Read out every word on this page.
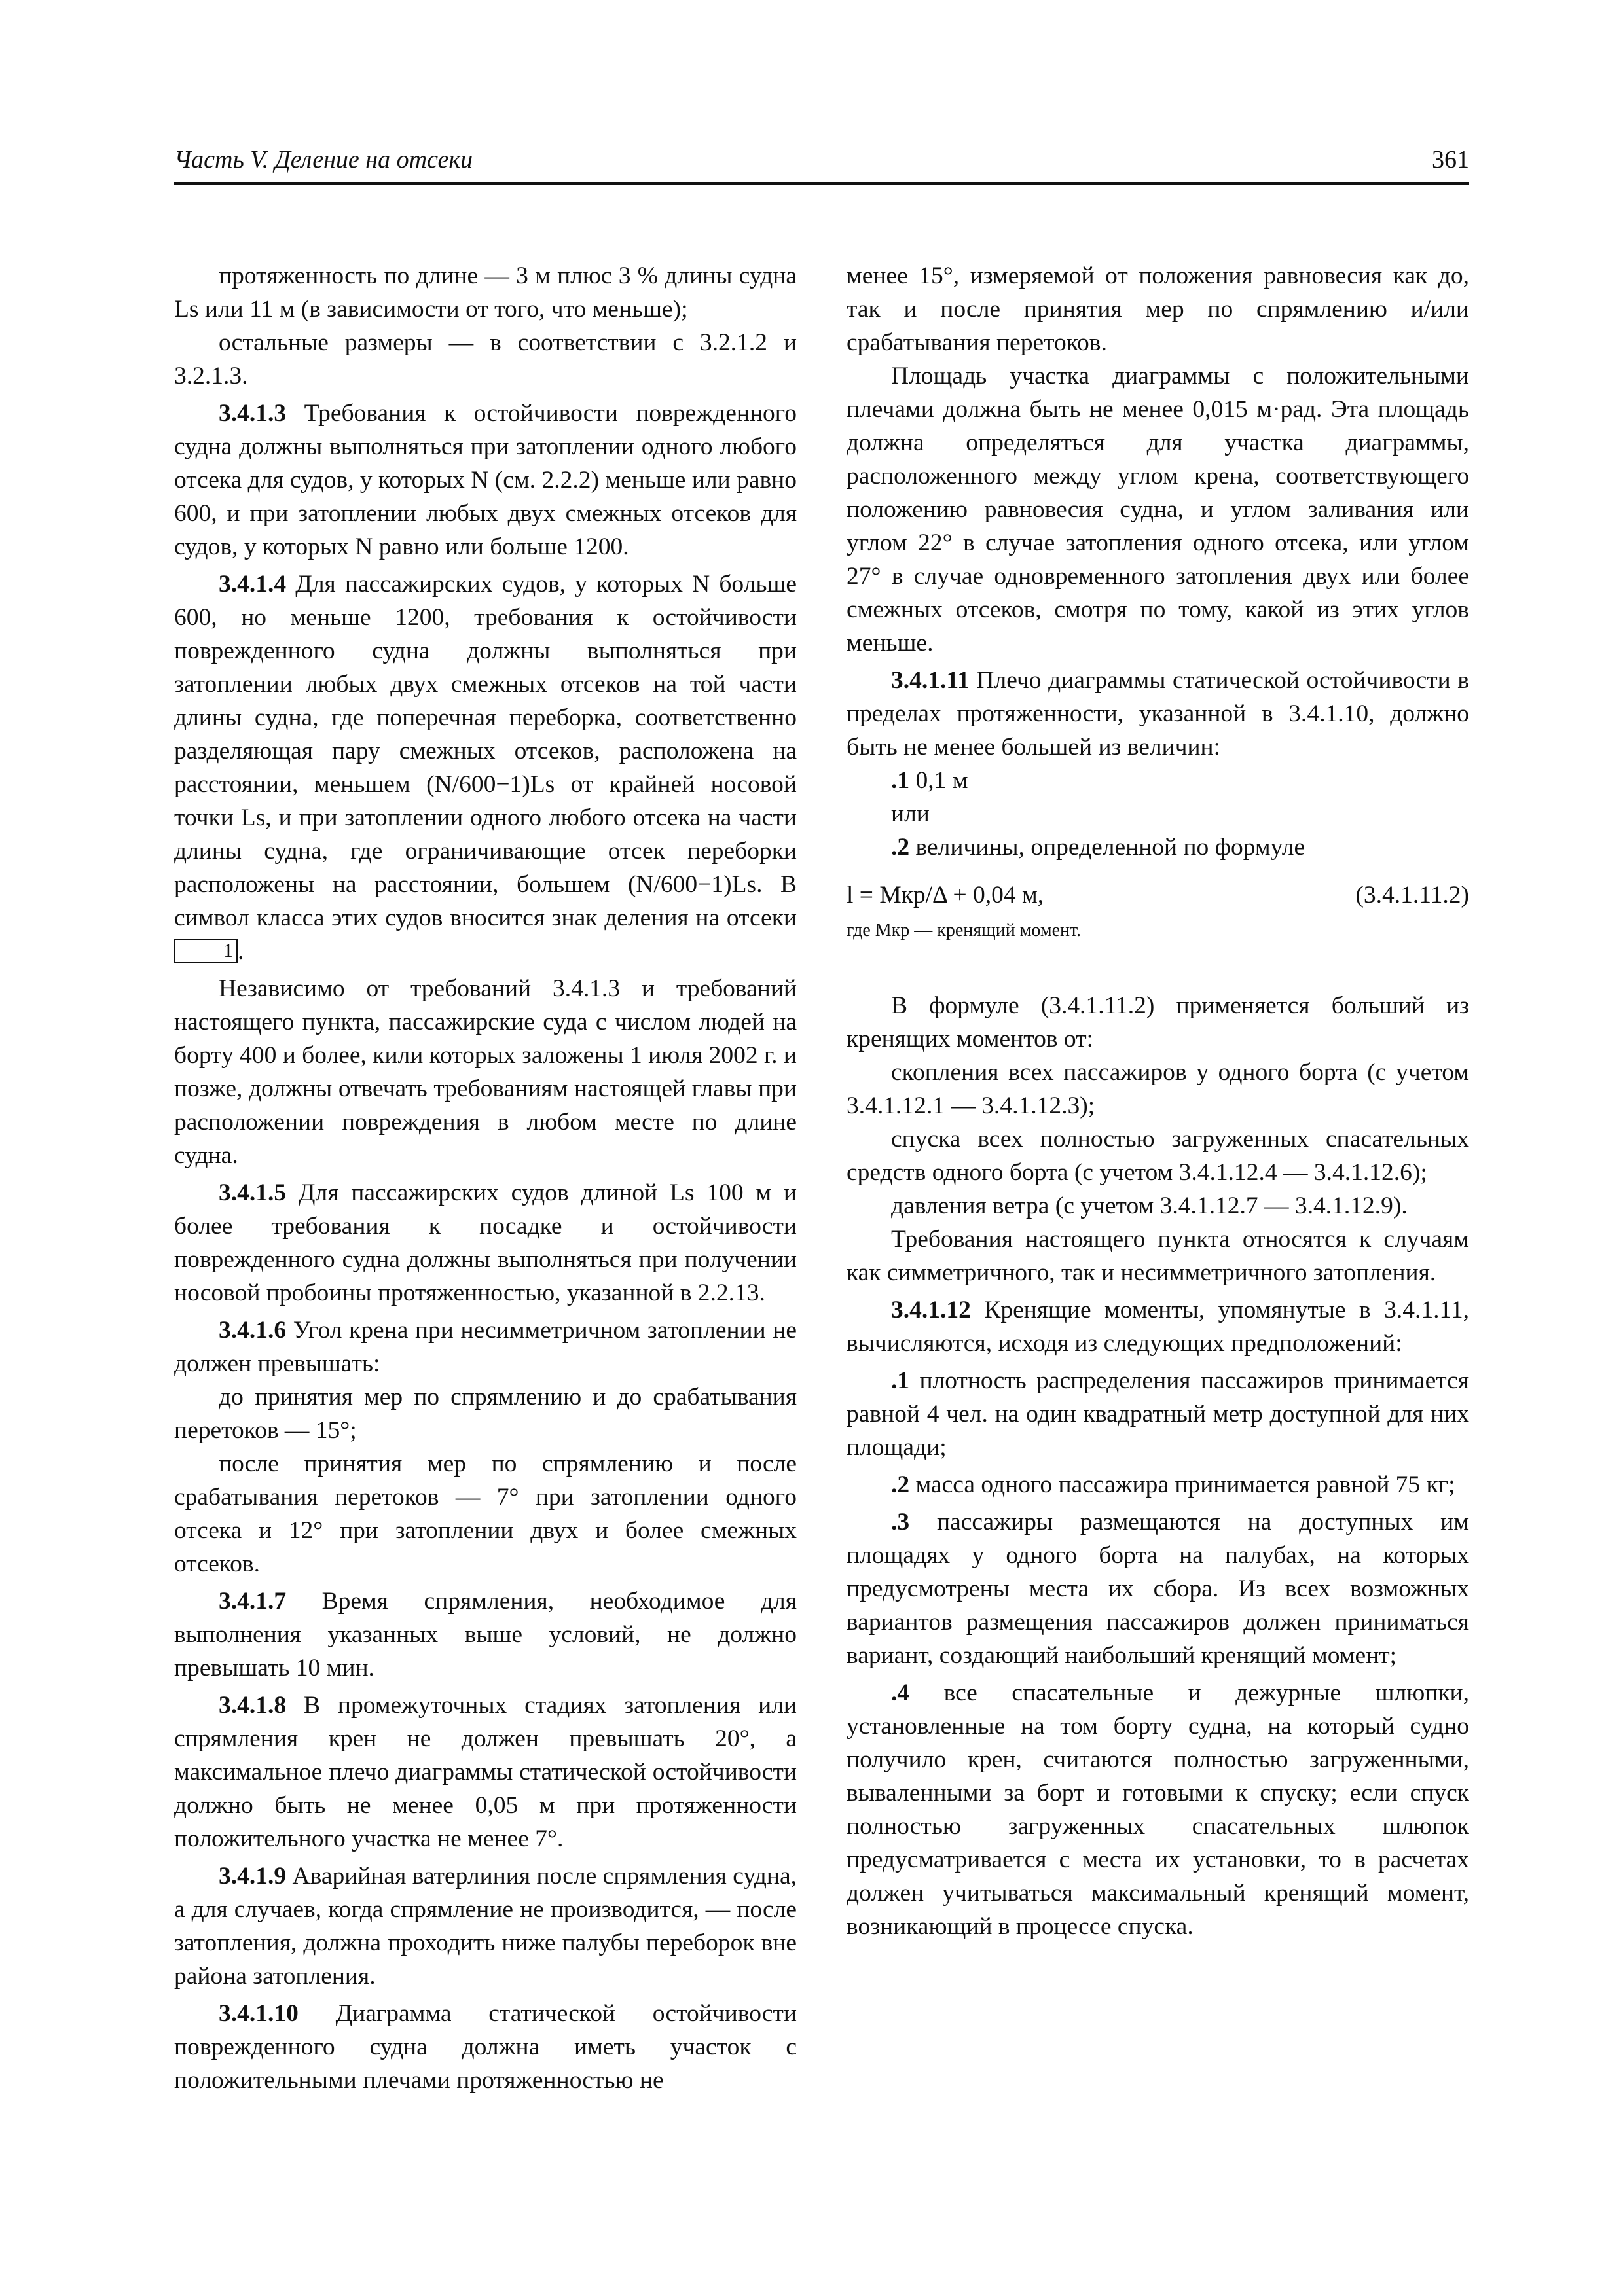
Часть V. Деление на отсеки	361

протяженность по длине — 3 м плюс 3 % длины судна Ls или 11 м (в зависимости от того, что меньше);

остальные размеры — в соответствии с 3.2.1.2 и 3.2.1.3.

3.4.1.3 Требования к остойчивости поврежденного судна должны выполняться при затоплении одного любого отсека для судов, у которых N (см. 2.2.2) меньше или равно 600, и при затоплении любых двух смежных отсеков для судов, у которых N равно или больше 1200.

3.4.1.4 Для пассажирских судов, у которых N больше 600, но меньше 1200, требования к остойчивости поврежденного судна должны выполняться при затоплении любых двух смежных отсеков на той части длины судна, где поперечная переборка, соответственно разделяющая пару смежных отсеков, расположена на расстоянии, меньшем (N/600−1)Ls от крайней носовой точки Ls, и при затоплении одного любого отсека на части длины судна, где ограничивающие отсек переборки расположены на расстоянии, большем (N/600−1)Ls. В символ класса этих судов вносится знак деления на отсеки 1 .

Независимо от требований 3.4.1.3 и требований настоящего пункта, пассажирские суда с числом людей на борту 400 и более, кили которых заложены 1 июля 2002 г. и позже, должны отвечать требованиям настоящей главы при расположении повреждения в любом месте по длине судна.

3.4.1.5 Для пассажирских судов длиной Ls 100 м и более требования к посадке и остойчивости поврежденного судна должны выполняться при получении носовой пробоины протяженностью, указанной в 2.2.13.

3.4.1.6 Угол крена при несимметричном затоплении не должен превышать:

до принятия мер по спрямлению и до срабатывания перетоков — 15°;

после принятия мер по спрямлению и после срабатывания перетоков — 7° при затоплении одного отсека и 12° при затоплении двух и более смежных отсеков.

3.4.1.7 Время спрямления, необходимое для выполнения указанных выше условий, не должно превышать 10 мин.

3.4.1.8 В промежуточных стадиях затопления или спрямления крен не должен превышать 20°, а максимальное плечо диаграммы статической остойчивости должно быть не менее 0,05 м при протяженности положительного участка не менее 7°.

3.4.1.9 Аварийная ватерлиния после спрямления судна, а для случаев, когда спрямление не производится, — после затопления, должна проходить ниже палубы переборок вне района затопления.

3.4.1.10 Диаграмма статической остойчивости поврежденного судна должна иметь участок с положительными плечами протяженностью не

менее 15°, измеряемой от положения равновесия как до, так и после принятия мер по спрямлению и/или срабатывания перетоков.

Площадь участка диаграммы с положительными плечами должна быть не менее 0,015 м·рад. Эта площадь должна определяться для участка диаграммы, расположенного между углом крена, соответствующего положению равновесия судна, и углом заливания или углом 22° в случае затопления одного отсека, или углом 27° в случае одновременного затопления двух или более смежных отсеков, смотря по тому, какой из этих углов меньше.

3.4.1.11 Плечо диаграммы статической остойчивости в пределах протяженности, указанной в 3.4.1.10, должно быть не менее большей из величин:

.1 0,1 м

или

.2 величины, определенной по формуле

l = Mкр/Δ + 0,04 м,	(3.4.1.11.2)

где Mкр — кренящий момент.

В формуле (3.4.1.11.2) применяется больший из кренящих моментов от:

скопления всех пассажиров у одного борта (с учетом 3.4.1.12.1 — 3.4.1.12.3);

спуска всех полностью загруженных спасательных средств одного борта (с учетом 3.4.1.12.4 — 3.4.1.12.6);

давления ветра (с учетом 3.4.1.12.7 — 3.4.1.12.9).

Требования настоящего пункта относятся к случаям как симметричного, так и несимметричного затопления.

3.4.1.12 Кренящие моменты, упомянутые в 3.4.1.11, вычисляются, исходя из следующих предположений:

.1 плотность распределения пассажиров принимается равной 4 чел. на один квадратный метр доступной для них площади;

.2 масса одного пассажира принимается равной 75 кг;

.3 пассажиры размещаются на доступных им площадях у одного борта на палубах, на которых предусмотрены места их сбора. Из всех возможных вариантов размещения пассажиров должен приниматься вариант, создающий наибольший кренящий момент;

.4 все спасательные и дежурные шлюпки, установленные на том борту судна, на который судно получило крен, считаются полностью загруженными, вываленными за борт и готовыми к спуску; если спуск полностью загруженных спасательных шлюпок предусматривается с места их установки, то в расчетах должен учитываться максимальный кренящий момент, возникающий в процессе спуска.
